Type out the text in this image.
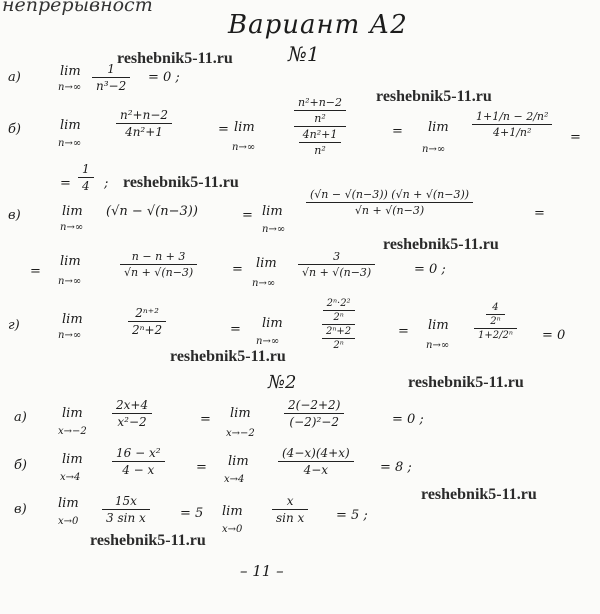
непрерывност
Вариант А2
reshebnik5-11.ru
reshebnik5-11.ru
reshebnik5-11.ru
reshebnik5-11.ru
reshebnik5-11.ru
reshebnik5-11.ru
reshebnik5-11.ru
reshebnik5-11.ru
№1
а)	lim
n→∞
1
n³−2
= 0 ;
б)	lim
n→∞
n²+n−2
4n²+1	= lim
n→∞
$\frac{\text{n²+n−2}}{\text{n²}}$
$\frac{\text{4n²+1}}{\text{n²}}$	= lim
n→∞
1+1/n − 2/n²
4+1/n²	=
=
1
4	;
в)	lim
n→∞
(√n − √(n−3))	= lim
n→∞
(√n − √(n−3)) (√n + √(n−3))
√n + √(n−3)	=
=
lim
n→∞
n − n + 3
√n + √(n−3)	= lim
n→∞
3
√n + √(n−3)	= 0 ;
г)	lim
n→∞
2ⁿ⁺²
2ⁿ+2	= lim
n→∞
$\frac{\text{2ⁿ·2²}}{\text{2ⁿ}}$
$\frac{\text{2ⁿ+2}}{\text{2ⁿ}}$	= lim
n→∞
$\frac{4}{\text{2ⁿ}}$
1+2/2ⁿ	= 0
№2
а)	lim
x→−2
2x+4
x²−2	= lim
x→−2
2(−2+2)
(−2)²−2	= 0 ;
б)	lim
x→4
16 − x²
4 − x	= lim
x→4
(4−x)(4+x)
4−x	= 8 ;
в) lim
x→0
15x
3 sin x	= 5 lim
x→0
x
sin x	= 5 ;
– 11 –
